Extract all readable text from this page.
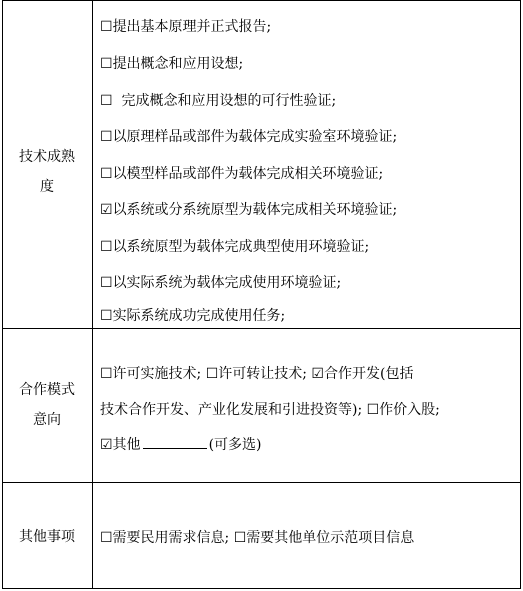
技术成熟
度
☐提出基本原理并正式报告;
☐提出概念和应用设想;
☐  完成概念和应用设想的可行性验证;
☐以原理样品或部件为载体完成实验室环境验证;
☐以模型样品或部件为载体完成相关环境验证;
☑以系统或分系统原型为载体完成相关环境验证;
☐以系统原型为载体完成典型使用环境验证;
☐以实际系统为载体完成使用环境验证;
☐实际系统成功完成使用任务;
合作模式
意向
☐许可实施技术; ☐许可转让技术; ☑合作开发(包括
技术合作开发、产业化发展和引进投资等); ☐作价入股;
☑其他	(可多选)
其他事项	☐需要民用需求信息; ☐需要其他单位示范项目信息
